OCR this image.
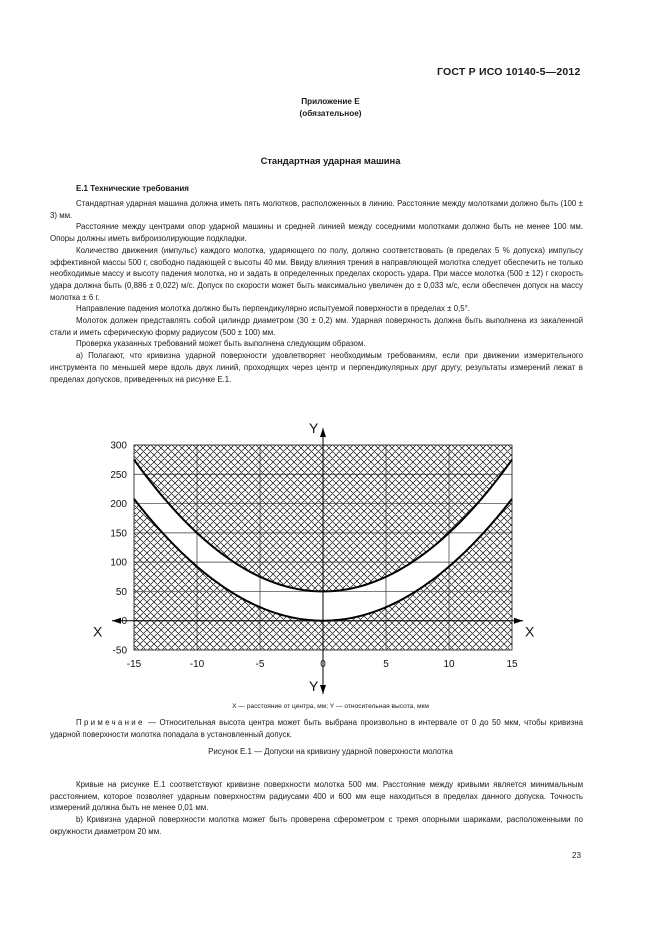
ГОСТ Р ИСО 10140-5—2012
Приложение Е
(обязательное)
Стандартная ударная машина
Е.1 Технические требования

Стандартная ударная машина должна иметь пять молотков, расположенных в линию. Расстояние между молотками должно быть (100 ± 3) мм.

Расстояние между центрами опор ударной машины и средней линией между соседними молотками должно быть не менее 100 мм. Опоры должны иметь виброизолирующие подкладки.

Количество движения (импульс) каждого молотка, ударяющего по полу, должно соответствовать (в пределах 5 % допуска) импульсу эффективной массы 500 г, свободно падающей с высоты 40 мм. Ввиду влияния трения в направляющей молотка следует обеспечить не только необходимые массу и высоту падения молотка, но и задать в определенных пределах скорость удара. При массе молотка (500 ± 12) г скорость удара должна быть (0,886 ± 0,022) м/с. Допуск по скорости может быть максимально увеличен до ± 0,033 м/с, если обеспечен допуск на массу молотка ± 6 г.

Направление падения молотка должно быть перпендикулярно испытуемой поверхности в пределах ± 0,5°.

Молоток должен представлять собой цилиндр диаметром (30 ± 0,2) мм. Ударная поверхность должна быть выполнена из закаленной стали и иметь сферическую форму радиусом (500 ± 100) мм.

Проверка указанных требований может быть выполнена следующим образом.

а) Полагают, что кривизна ударной поверхности удовлетворяет необходимым требованиям, если при движении измерительного инструмента по меньшей мере вдоль двух линий, проходящих через центр и перпендикулярных друг другу, результаты измерений лежат в пределах допусков, приведенных на рисунке Е.1.

-15	-10	-5	0	5	10	15
300
250
200
150
100
50
0
-50
X	X
Y
Y
X — расстояние от центра, мм; Y — относительная высота, мкм
Примечание — Относительная высота центра может быть выбрана произвольно в интервале от 0 до 50 мкм, чтобы кривизна ударной поверхности молотка попадала в установленный допуск.
Рисунок Е.1 — Допуски на кривизну ударной поверхности молотка

Кривые на рисунке Е.1 соответствуют кривизне поверхности молотка 500 мм. Расстояние между кривыми является минимальным расстоянием, которое позволяет ударным поверхностям радиусами 400 и 600 мм еще находиться в пределах данного допуска. Точность измерений должна быть не менее 0,01 мм.

b) Кривизна ударной поверхности молотка может быть проверена сферометром с тремя опорными шариками, расположенными по окружности диаметром 20 мм.

23
